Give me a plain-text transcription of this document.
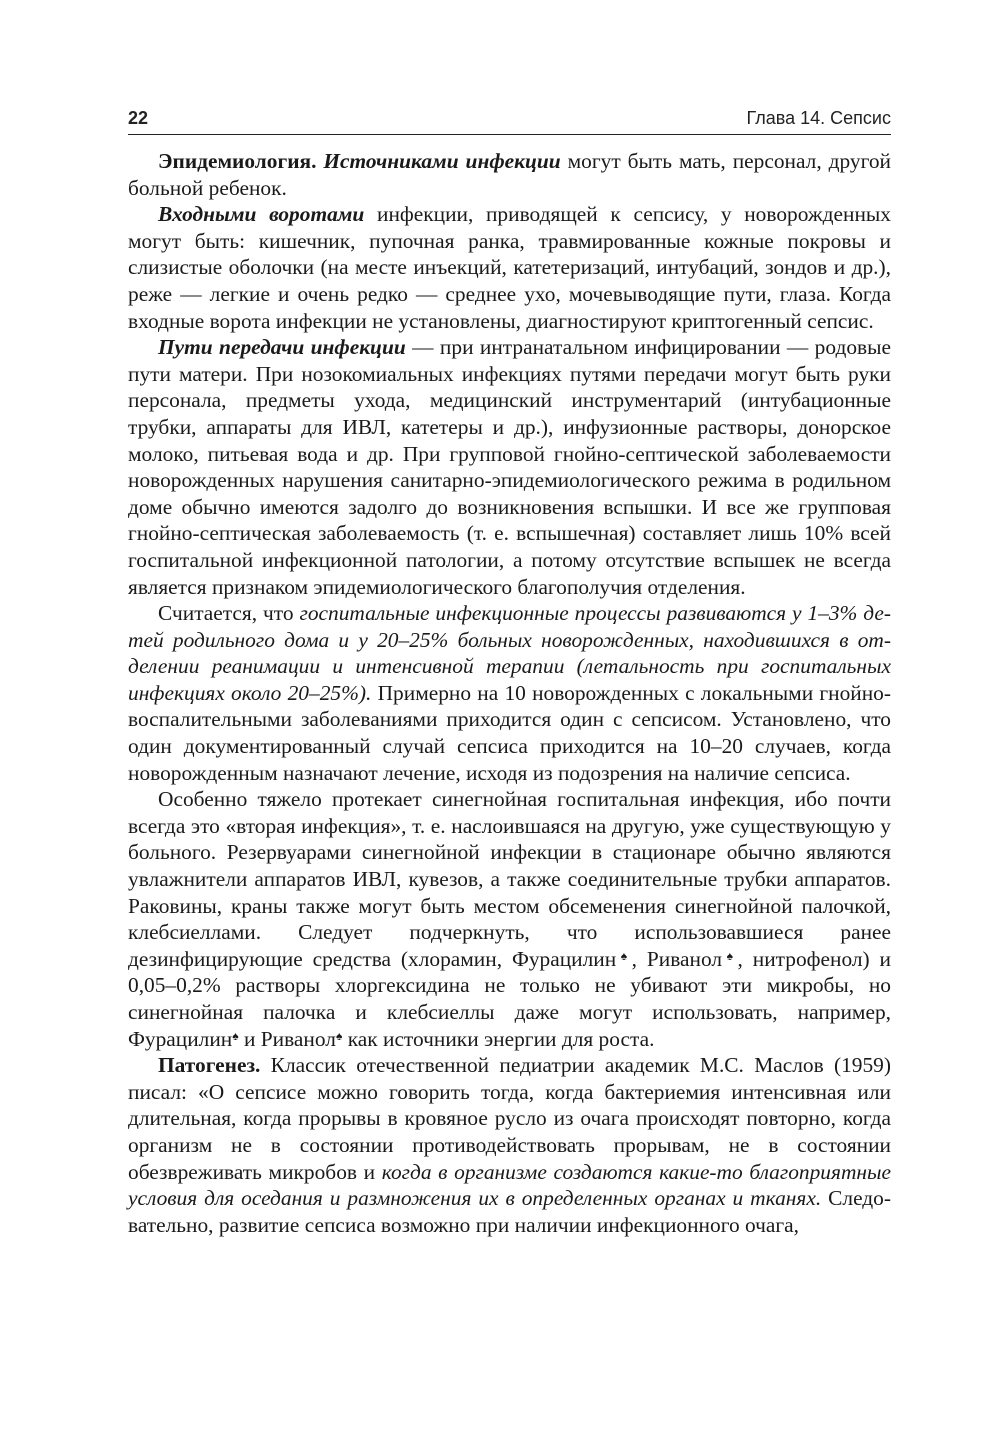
22	Глава 14. Сепсис

Эпидемиология. Источниками инфекции могут быть мать, персонал, другой больной ребенок.

Входными воротами инфекции, приводящей к сепсису, у новорожденных могут быть: кишечник, пупочная ранка, травмированные кожные покровы и слизистые оболочки (на месте инъекций, катетеризаций, интубаций, зондов и др.), реже — легкие и очень редко — среднее ухо, мочевыводящие пути, глаза. Когда входные ворота инфекции не установлены, диагностируют криптогенный сепсис.

Пути передачи инфекции — при интранатальном инфицировании — родовые пути матери. При нозокомиальных инфекциях путями передачи могут быть руки персонала, предметы ухода, медицинский инструментарий (интубационные трубки, аппараты для ИВЛ, катетеры и др.), инфузионные растворы, донорское молоко, питьевая вода и др. При групповой гнойно-септической заболеваемости новорожденных нарушения санитарно-эпидемиологического режима в родильном доме обычно имеются задолго до возникновения вспышки. И все же групповая гнойно-септическая заболеваемость (т. е. вспышечная) составляет лишь 10% всей госпитальной инфекционной патологии, а потому отсутствие вспышек не всегда является признаком эпидемиологического благополучия отделения.

Считается, что госпитальные инфекционные процессы развиваются у 1–3% детей родильного дома и у 20–25% больных новорожденных, находившихся в отделении реанимации и интенсивной терапии (летальность при госпитальных инфекциях около 20–25%). Примерно на 10 новорожденных с локальными гнойно-воспалительными заболеваниями приходится один с сепсисом. Установлено, что один документированный случай сепсиса приходится на 10–20 случаев, когда новорожденным назначают лечение, исходя из подозрения на наличие сепсиса.

Особенно тяжело протекает синегнойная госпитальная инфекция, ибо почти всегда это «вторая инфекция», т. е. наслоившаяся на другую, уже существующую у больного. Резервуарами синегнойной инфекции в стационаре обычно являются увлажнители аппаратов ИВЛ, кувезов, а также соединительные трубки аппаратов. Раковины, краны также могут быть местом обсеменения синегнойной палочкой, клебсиеллами. Следует подчеркнуть, что использовавшиеся ранее дезинфицирующие средства (хлорамин, Фурацилин♠, Риванол♠, нитрофенол) и 0,05–0,2% растворы хлоргексидина не только не убивают эти микробы, но синегнойная палочка и клебсиеллы даже могут использовать, например, Фурацилин♠ и Риванол♠ как источники энергии для роста.

Патогенез. Классик отечественной педиатрии академик М.С. Маслов (1959) писал: «О сепсисе можно говорить тогда, когда бактериемия интенсивная или длительная, когда прорывы в кровяное русло из очага происходят повторно, когда организм не в состоянии противодействовать прорывам, не в состоянии обезвреживать микробов и когда в организме создаются какие-то благоприятные условия для оседания и размножения их в определенных органах и тканях. Следовательно, развитие сепсиса возможно при наличии инфекционного очага,
